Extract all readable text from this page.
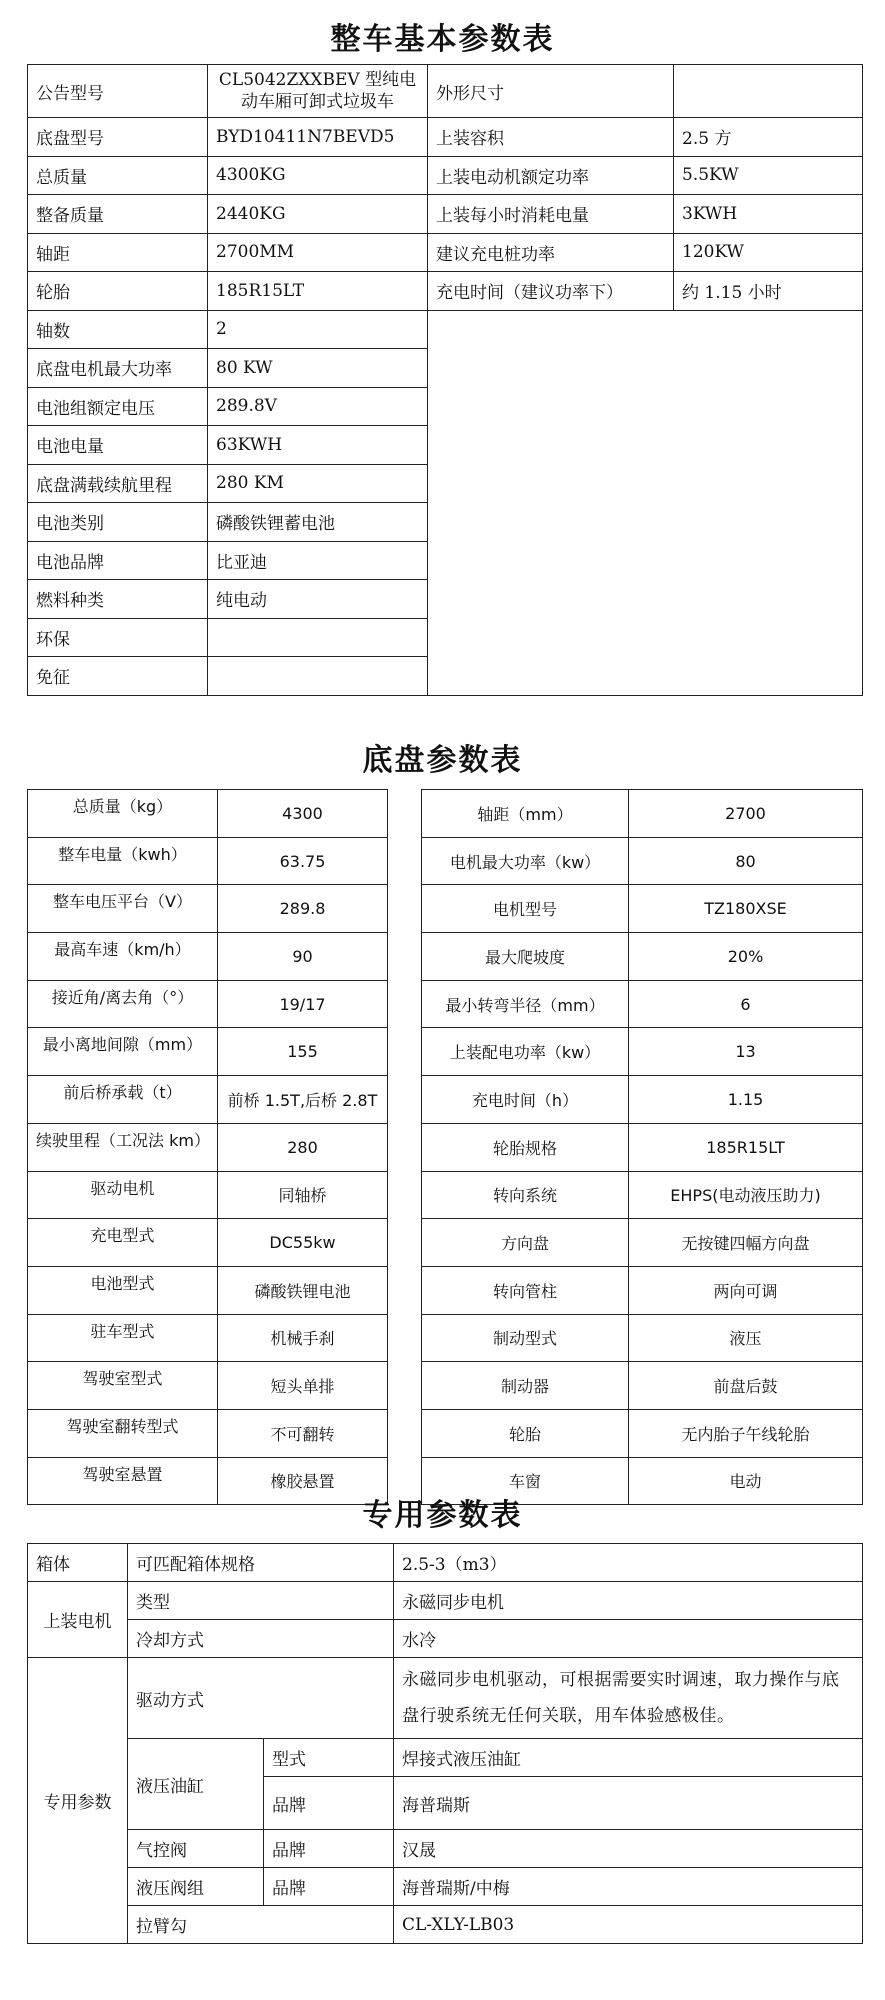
整车基本参数表
公告型号	CL5042ZXXBEV 型纯电动车厢可卸式垃圾车	外形尺寸	
底盘型号	BYD10411N7BEVD5	上装容积	2.5 方
总质量	4300KG	上装电动机额定功率	5.5KW
整备质量	2440KG	上装每小时消耗电量	3KWH
轴距	2700MM	建议充电桩功率	120KW
轮胎	185R15LT	充电时间（建议功率下）	约 1.15 小时
轴数	2		
底盘电机最大功率	80 KW		
电池组额定电压	289.8V		
电池电量	63KWH		
底盘满载续航里程	280 KM		
电池类别	磷酸铁锂蓄电池		
电池品牌	比亚迪		
燃料种类	纯电动		
环保			
免征			
底盘参数表
总质量（kg）	4300		轴距（mm）	2700
整车电量（kwh）	63.75		电机最大功率（kw）	80
整车电压平台（V）	289.8		电机型号	TZ180XSE
最高车速（km/h）	90		最大爬坡度	20%
接近角/离去角（°）	19/17		最小转弯半径（mm）	6
最小离地间隙（mm）	155		上装配电功率（kw）	13
前后桥承载（t）	前桥 1.5T,后桥 2.8T		充电时间（h）	1.15
续驶里程（工况法 km）	280		轮胎规格	185R15LT
驱动电机	同轴桥		转向系统	EHPS(电动液压助力)
充电型式	DC55kw		方向盘	无按键四幅方向盘
电池型式	磷酸铁锂电池		转向管柱	两向可调
驻车型式	机械手刹		制动型式	液压
驾驶室型式	短头单排		制动器	前盘后鼓
驾驶室翻转型式	不可翻转		轮胎	无内胎子午线轮胎
驾驶室悬置	橡胶悬置		车窗	电动
专用参数表
箱体	可匹配箱体规格		2.5-3（m3）
上装电机	类型		永磁同步电机
	冷却方式		水冷
专用参数	驱动方式		永磁同步电机驱动，可根据需要实时调速，取力操作与底盘行驶系统无任何关联，用车体验感极佳。
	液压油缸	型式	焊接式液压油缸
		品牌	海普瑞斯
	气控阀	品牌	汉晟
	液压阀组	品牌	海普瑞斯/中梅
	拉臂勾		CL-XLY-LB03
